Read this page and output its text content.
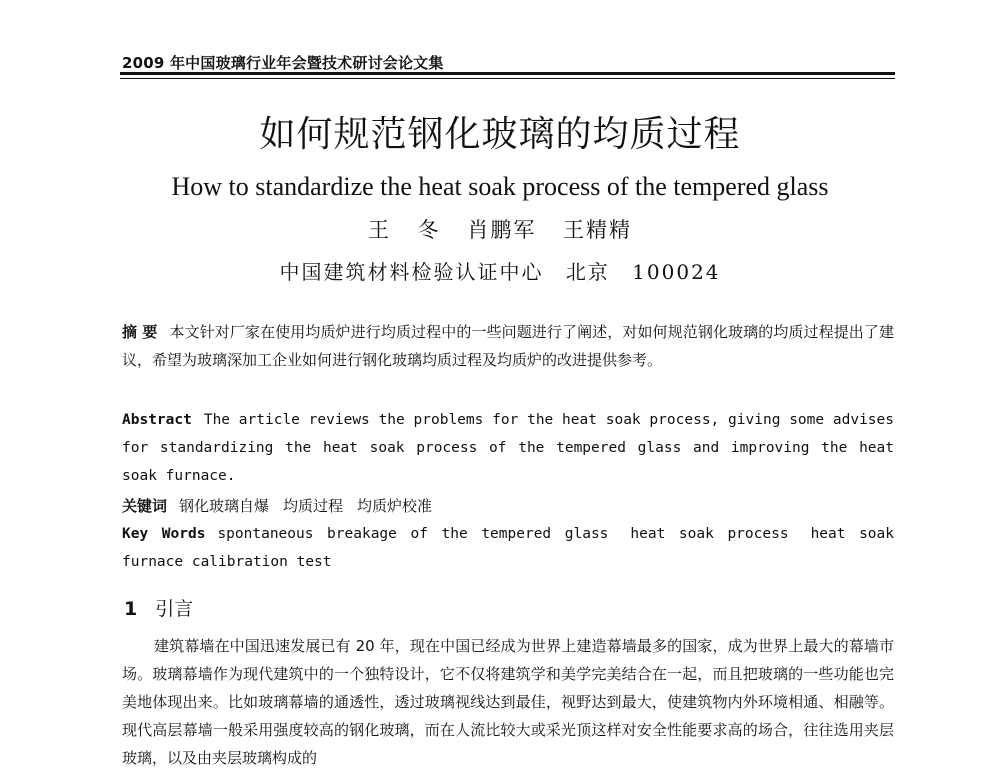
2009 年中国玻璃行业年会暨技术研讨会论文集
如何规范钢化玻璃的均质过程
How to standardize the heat soak process of the tempered glass
王 冬 肖鹏军 王精精
中国建筑材料检验认证中心 北京 100024
摘 要 本文针对厂家在使用均质炉进行均质过程中的一些问题进行了阐述，对如何规范钢化玻璃的均质过程提出了建议，希望为玻璃深加工企业如何进行钢化玻璃均质过程及均质炉的改进提供参考。
Abstract The article reviews the problems for the heat soak process, giving some advises for standardizing the heat soak process of the tempered glass and improving the heat soak furnace.
关键词 钢化玻璃自爆 均质过程 均质炉校准
Key Words spontaneous breakage of the tempered glass heat soak process heat soak furnace calibration test
1 引言
建筑幕墙在中国迅速发展已有 20 年，现在中国已经成为世界上建造幕墙最多的国家，成为世界上最大的幕墙市场。玻璃幕墙作为现代建筑中的一个独特设计，它不仅将建筑学和美学完美结合在一起，而且把玻璃的一些功能也完美地体现出来。比如玻璃幕墙的通透性，透过玻璃视线达到最佳，视野达到最大，使建筑物内外环境相通、相融等。现代高层幕墙一般采用强度较高的钢化玻璃，而在人流比较大或采光顶这样对安全性能要求高的场合，往往选用夹层玻璃，以及由夹层玻璃构成的
